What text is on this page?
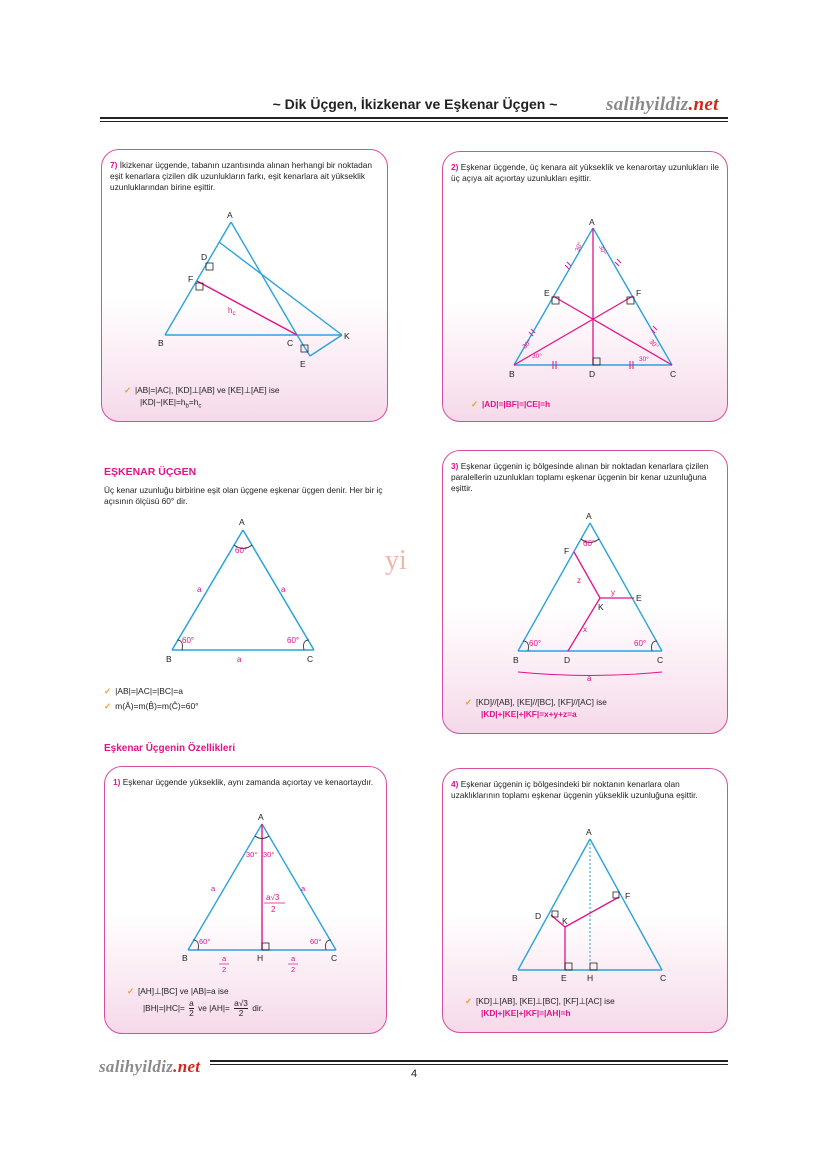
~ Dik Üçgen, İkizkenar ve Eşkenar Üçgen ~	salihyildiz.net
yi

7) İkizkenar üçgende, tabanın uzantısında alınan herhangi bir noktadan eşit kenarlara çizilen dik uzunlukların farkı, eşit kenarlara ait yükseklik uzunluklarından birine eşittir.

A
B	C
D
F
E
K
$h_c$
✓ |AB|=|AC|, [KD]⊥[AB] ve [KE]⊥[AE] ise
$|KD|-|KE|=h_b=h_c$

2) Eşkenar üçgende, üç kenara ait yükseklik ve kenarortay uzunlukları ile üç açıya ait açıortay uzunlukları eşittir.

A
B	C
D
E	F
30° 30°
30°
30°
30°
30°
✓ |AD|=|BF|=|CE|=h
EŞKENAR ÜÇGEN
Üç kenar uzunluğu birbirine eşit olan üçgene eşkenar üçgen denir. Her bir iç açısının ölçüsü 60° dir.
A
B	C
60°
60°	60°
a	a
a
✓ |AB|=|AC|=|BC|=a
✓ m(Â)=m(B̂)=m(Ĉ)=60°
Eşkenar Üçgenin Özellikleri

3) Eşkenar üçgenin iç bölgesinde alınan bir noktadan kenarlara çizilen paralellerin uzunlukları toplamı eşkenar üçgenin bir kenar uzunluğuna eşittir.

A
B	C
D
E
F
K
60°
60°	60°
y
z
x
a
✓ [KD]//[AB], [KE]//[BC], [KF]//[AC] ise
|KD|+|KE|+|KF|=x+y+z=a

1) Eşkenar üçgende yükseklik, aynı zamanda açıortay ve kenaortaydır.

A
B	C
H
30° 30°
60°	60°
a	a
a√3
2
a
2
a
2
✓ [AH]⊥[BC] ve |AB|=a ise
$|BH|=|HC|= \frac{a}{2}$ ve $|AH|= \frac{a√3}{2}$ dir.

4) Eşkenar üçgenin iç bölgesindeki bir noktanın kenarlara olan uzaklıklarının toplamı eşkenar üçgenin yükseklik uzunluğuna eşittir.

A
B	C
E H
D
F
K
✓ [KD]⊥[AB], [KE]⊥[BC], [KF]⊥[AC] ise
|KD|+|KE|+|KF|=|AH|=h
salihyildiz.net	4
